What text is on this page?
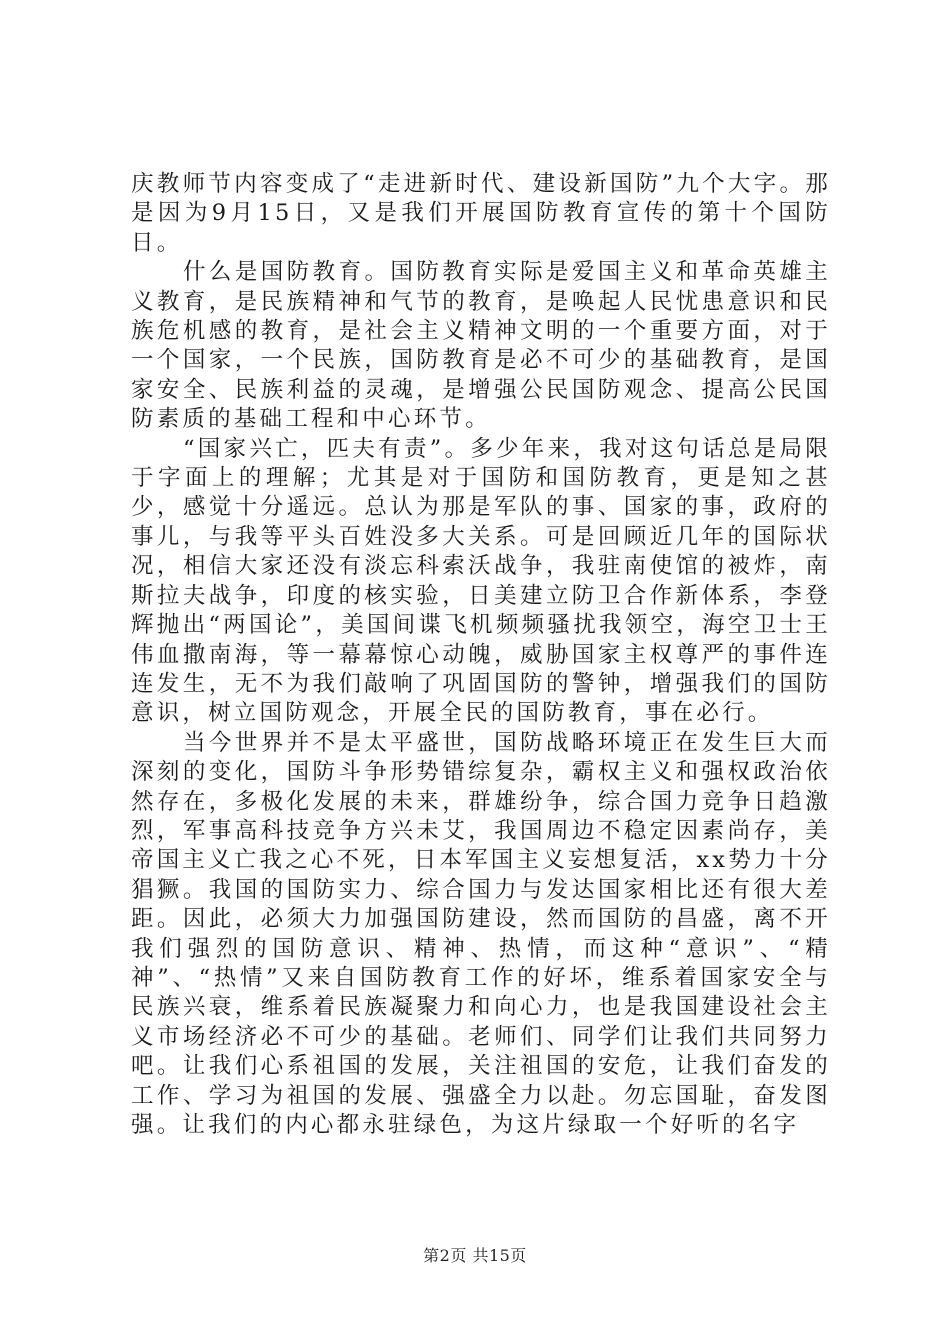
庆教师节内容变成了“走进新时代、建设新国防”九个大字。那是因为9月15日，又是我们开展国防教育宣传的第十个国防日。

什么是国防教育。国防教育实际是爱国主义和革命英雄主义教育，是民族精神和气节的教育，是唤起人民忧患意识和民族危机感的教育，是社会主义精神文明的一个重要方面，对于一个国家，一个民族，国防教育是必不可少的基础教育，是国家安全、民族利益的灵魂，是增强公民国防观念、提高公民国防素质的基础工程和中心环节。

“国家兴亡，匹夫有责”。多少年来，我对这句话总是局限于字面上的理解；尤其是对于国防和国防教育，更是知之甚少，感觉十分遥远。总认为那是军队的事、国家的事，政府的事儿，与我等平头百姓没多大关系。可是回顾近几年的国际状况，相信大家还没有淡忘科索沃战争，我驻南使馆的被炸，南斯拉夫战争，印度的核实验，日美建立防卫合作新体系，李登辉抛出“两国论”，美国间谍飞机频频骚扰我领空，海空卫士王伟血撒南海，等一幕幕惊心动魄，威胁国家主权尊严的事件连连发生，无不为我们敲响了巩固国防的警钟，增强我们的国防意识，树立国防观念，开展全民的国防教育，事在必行。

当今世界并不是太平盛世，国防战略环境正在发生巨大而深刻的变化，国防斗争形势错综复杂，霸权主义和强权政治依然存在，多极化发展的未来，群雄纷争，综合国力竞争日趋激烈，军事高科技竞争方兴未艾，我国周边不稳定因素尚存，美帝国主义亡我之心不死，日本军国主义妄想复活，xx势力十分猖獗。我国的国防实力、综合国力与发达国家相比还有很大差距。因此，必须大力加强国防建设，然而国防的昌盛，离不开我们强烈的国防意识、精神、热情，而这种“意识”、“精神”、“热情”又来自国防教育工作的好坏，维系着国家安全与民族兴衰，维系着民族凝聚力和向心力，也是我国建设社会主义市场经济必不可少的基础。老师们、同学们让我们共同努力吧。让我们心系祖国的发展，关注祖国的安危，让我们奋发的工作、学习为祖国的发展、强盛全力以赴。勿忘国耻，奋发图强。让我们的内心都永驻绿色，为这片绿取一个好听的名字

第2页 共15页
